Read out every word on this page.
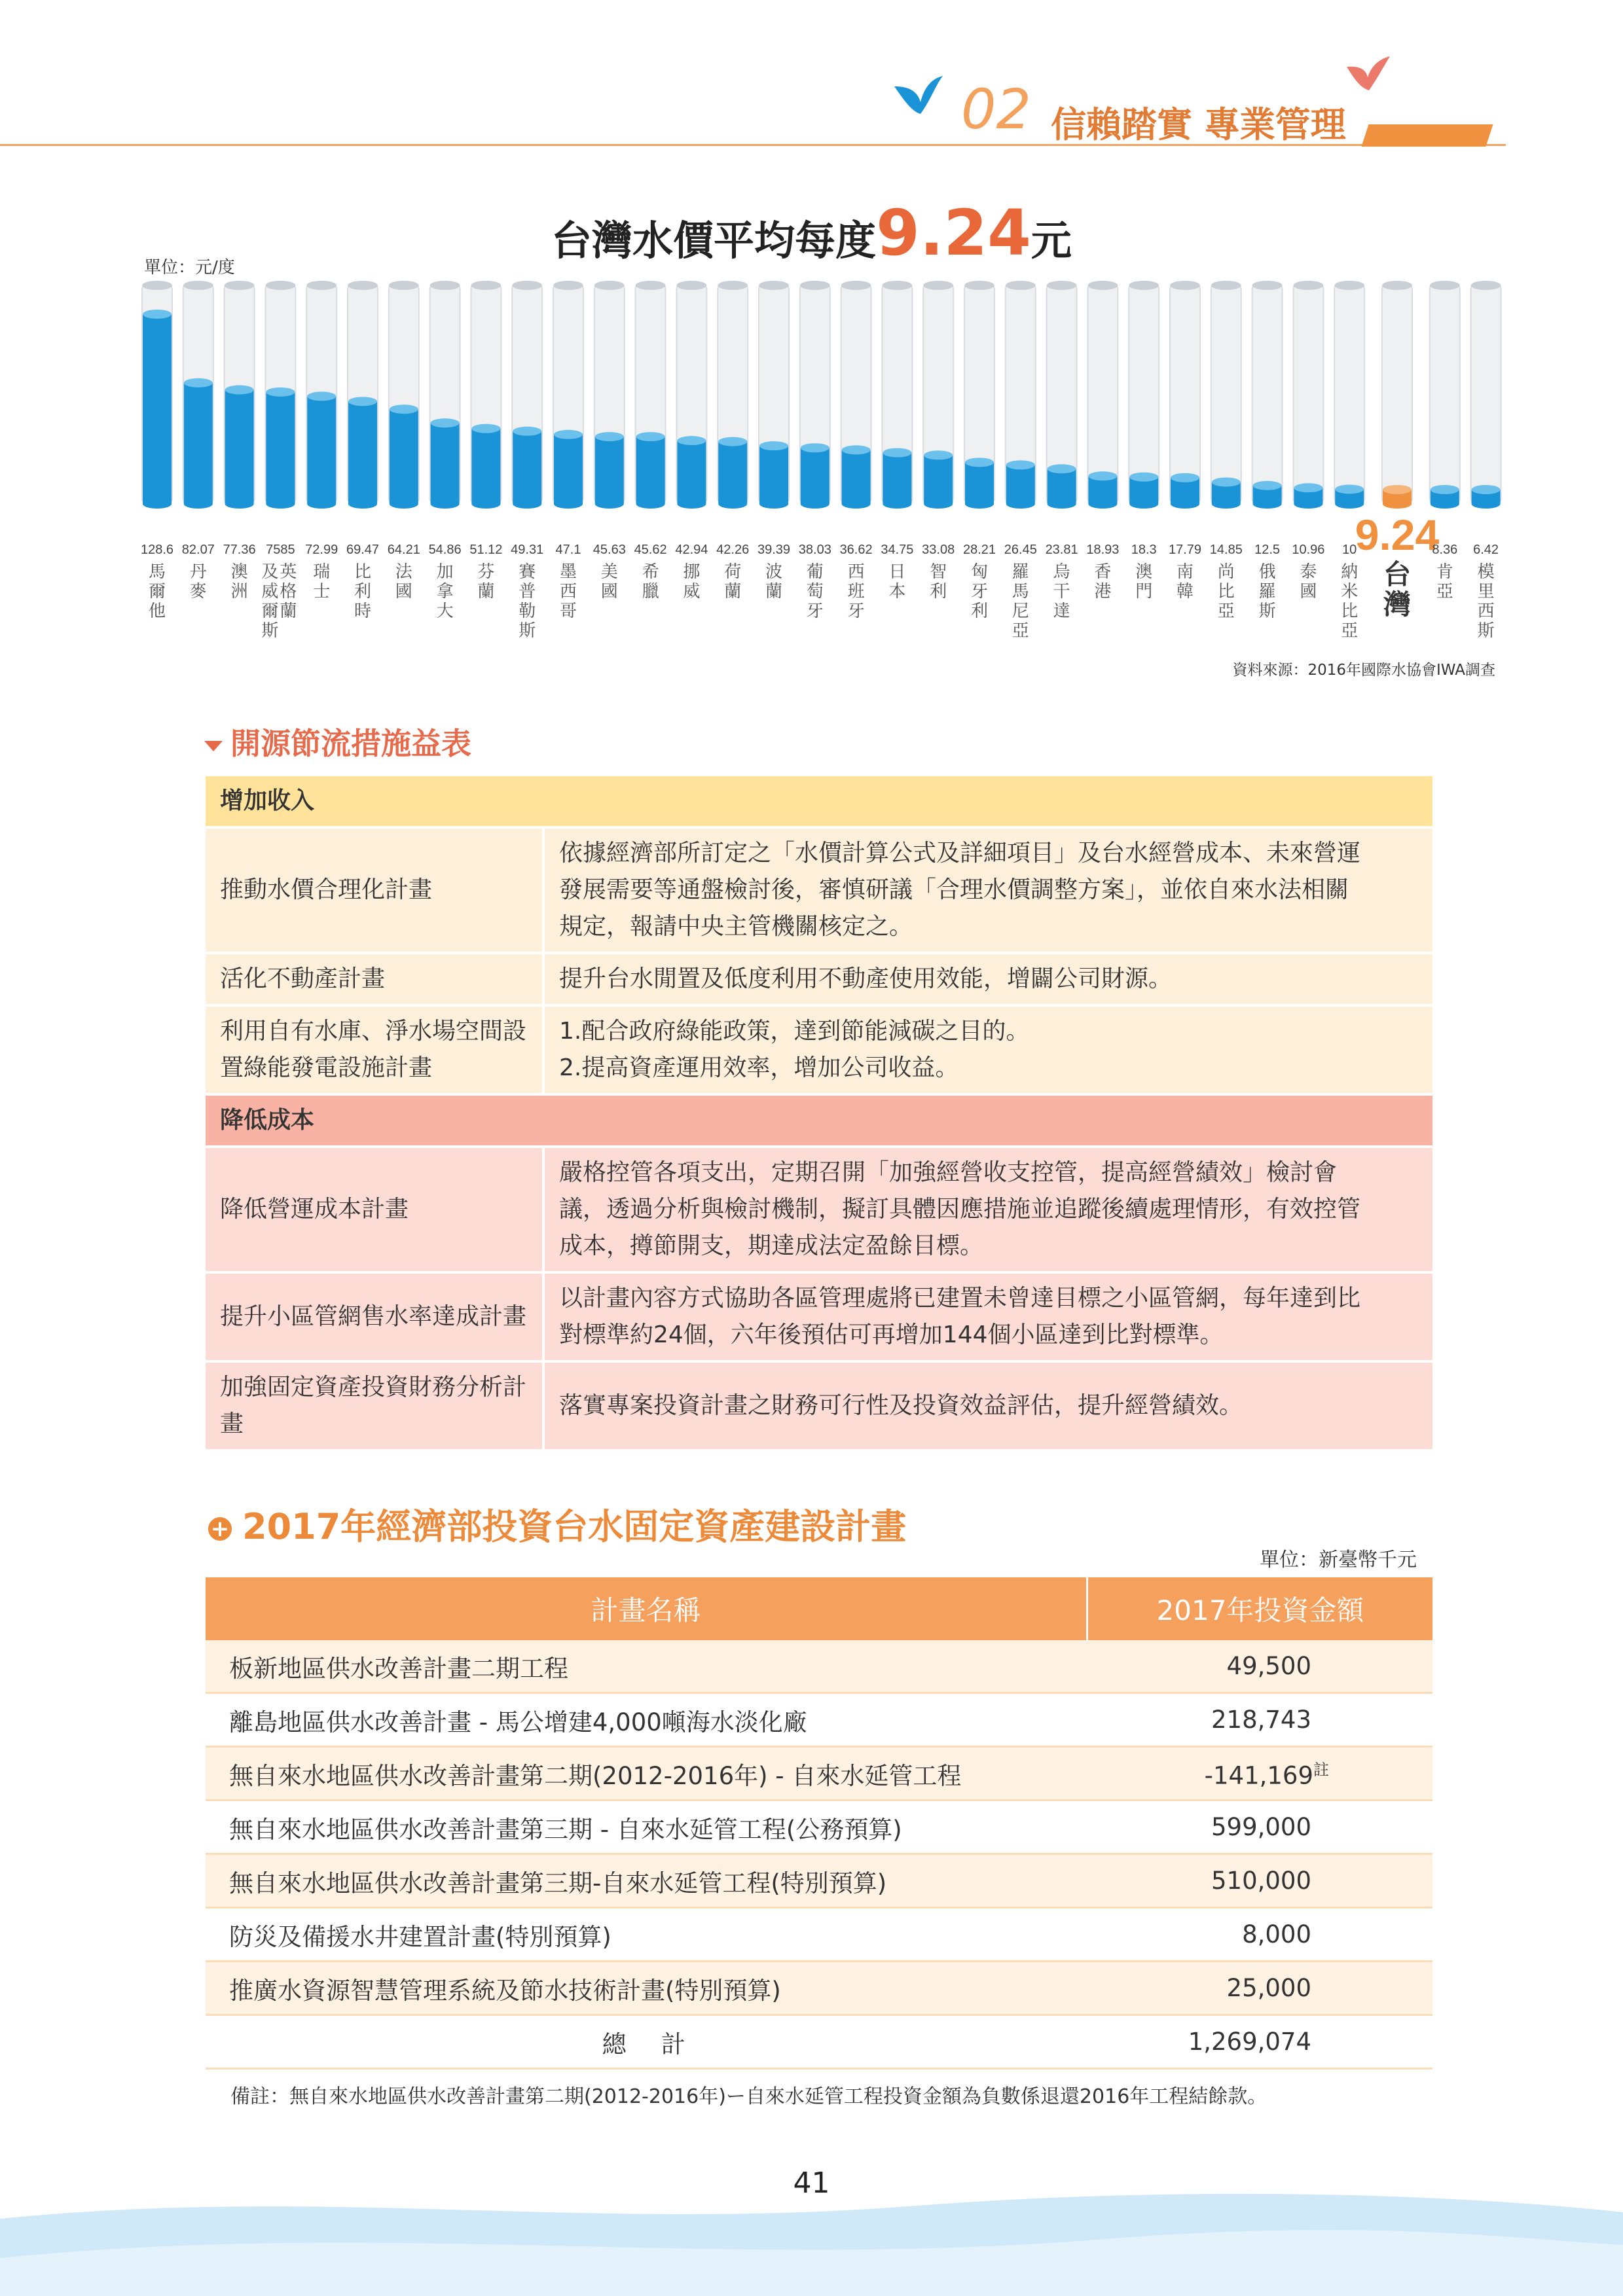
02 信賴踏實 專業管理
台灣水價平均每度9.24元
單位：元/度
128.6
馬爾他
82.07
丹麥
77.36
澳洲
7585
英格蘭及威爾斯
72.99
瑞士
69.47
比利時
64.21
法國
54.86
加拿大
51.12
芬蘭
49.31
賽普勒斯
47.1
墨西哥
45.63
美國
45.62
希臘
42.94
挪威
42.26
荷蘭
39.39
波蘭
38.03
葡萄牙
36.62
西班牙
34.75
日本
33.08
智利
28.21
匈牙利
26.45
羅馬尼亞
23.81
烏干達
18.93
香港
18.3
澳門
17.79
南韓
14.85
尚比亞
12.5
俄羅斯
10.96
泰國
10
納米比亞
9.24
台灣
8.36
肯亞
6.42
模里西斯
資料來源：2016年國際水協會IWA調查
開源節流措施益表
增加收入	
推動水價合理化計畫	依據經濟部所訂定之「水價計算公式及詳細項目」及台水經營成本、未來營運
發展需要等通盤檢討後，審慎研議「合理水價調整方案」，並依自來水法相關
規定，報請中央主管機關核定之。

活化不動產計畫	提升台水閒置及低度利用不動產使用效能，增闢公司財源。

利用自有水庫、淨水場空間設置綠能發電設施計畫	1.配合政府綠能政策，達到節能減碳之目的。
2.提高資產運用效率，增加公司收益。

降低成本	
降低營運成本計畫	嚴格控管各項支出，定期召開「加強經營收支控管，提高經營績效」檢討會
議，透過分析與檢討機制，擬訂具體因應措施並追蹤後續處理情形，有效控管
成本，撙節開支，期達成法定盈餘目標。

提升小區管網售水率達成計畫	以計畫內容方式協助各區管理處將已建置未曾達目標之小區管網，每年達到比
對標準約24個，六年後預估可再增加144個小區達到比對標準。

加強固定資產投資財務分析計畫	落實專案投資計畫之財務可行性及投資效益評估，提升經營績效。
+ 2017年經濟部投資台水固定資產建設計畫
單位：新臺幣千元
計畫名稱	2017年投資金額
板新地區供水改善計畫二期工程	49,500
離島地區供水改善計畫 - 馬公增建4,000噸海水淡化廠	218,743
無自來水地區供水改善計畫第二期(2012-2016年) - 自來水延管工程	$-141,169^註$
無自來水地區供水改善計畫第三期 - 自來水延管工程(公務預算)	599,000
無自來水地區供水改善計畫第三期-自來水延管工程(特別預算)	510,000
防災及備援水井建置計畫(特別預算)	8,000
推廣水資源智慧管理系統及節水技術計畫(特別預算)	25,000
總　計	1,269,074
備註：無自來水地區供水改善計畫第二期(2012-2016年)ー自來水延管工程投資金額為負數係退還2016年工程結餘款。
41
